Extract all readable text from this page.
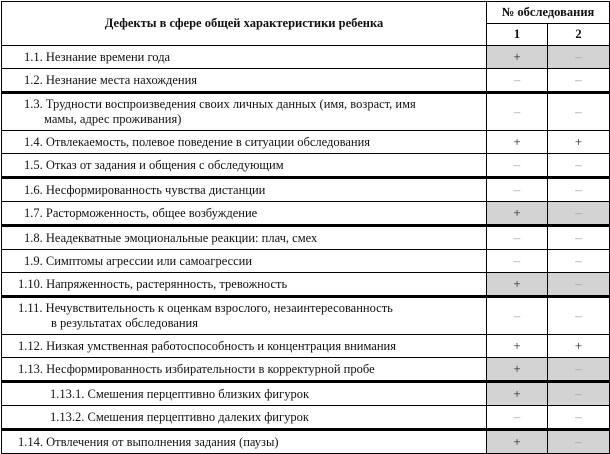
Дефекты в сфере общей характеристики ребенка	№ обследования	
	1	2
1.1. Незнание времени года	+	–
1.2. Незнание места нахождения	–	–

1.3. Трудности воспроизведения своих личных данных (имя, возраст, имя
мамы, адрес проживания)	–	–
1.4. Отвлекаемость, полевое поведение в ситуации обследования	+	+
1.5. Отказ от задания и общения с обследующим	–	–
1.6. Несформированность чувства дистанции	–	–
1.7. Расторможенность, общее возбуждение	+	–
1.8. Неадекватные эмоциональные реакции: плач, смех	–	–
1.9. Симптомы агрессии или самоагрессии	–	–
1.10. Напряженность, растерянность, тревожность	+	–

1.11. Нечувствительность к оценкам взрослого, незаинтересованность
в результатах обследования	–	–
1.12. Низкая умственная работоспособность и концентрация внимания	+	+
1.13. Несформированность избирательности в корректурной пробе	+	–
1.13.1. Смешения перцептивно близких фигурок	+	–
1.13.2. Смешения перцептивно далеких фигурок	–	–
1.14. Отвлечения от выполнения задания (паузы)	+	–
